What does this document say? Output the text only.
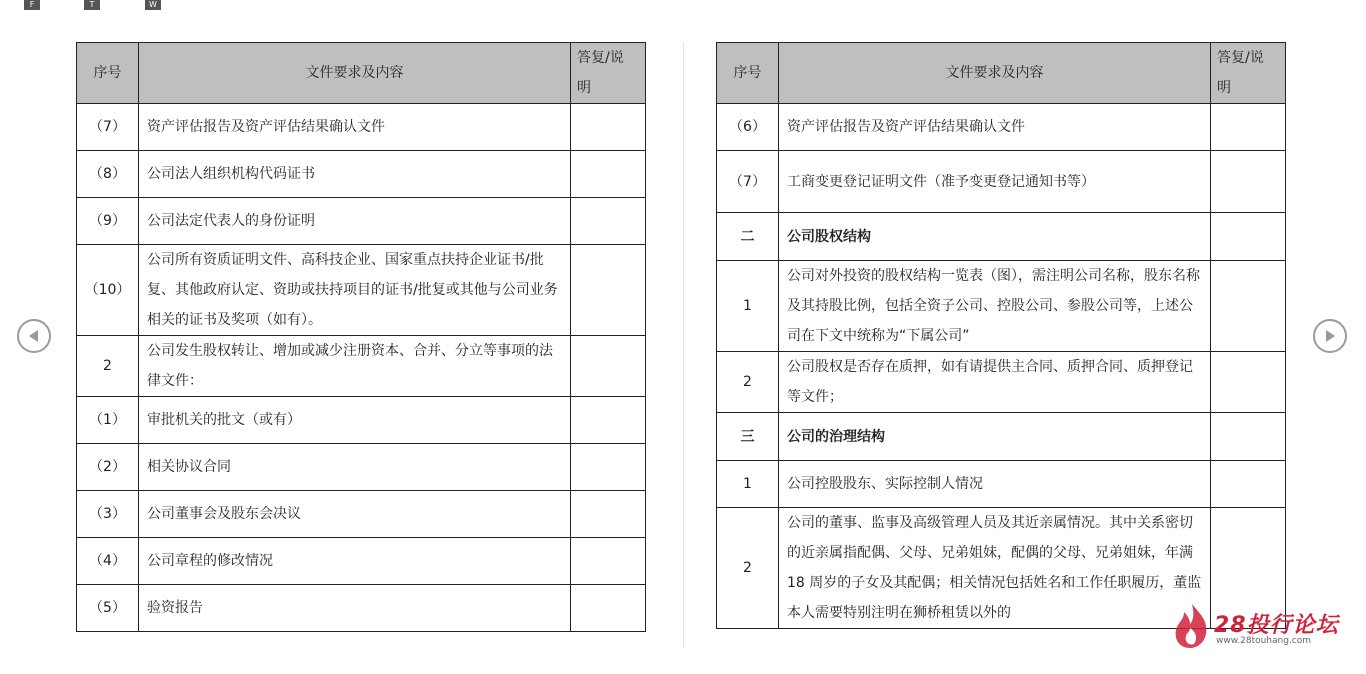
F	T	W
序号	文件要求及内容	答复/说明
（7）	资产评估报告及资产评估结果确认文件	
（8）	公司法人组织机构代码证书	
（9）	公司法定代表人的身份证明	
（10）	公司所有资质证明文件、高科技企业、国家重点扶持企业证书/批复、其他政府认定、资助或扶持项目的证书/批复或其他与公司业务相关的证书及奖项（如有）。	
2	公司发生股权转让、增加或减少注册资本、合并、分立等事项的法律文件：	
（1）	审批机关的批文（或有）	
（2）	相关协议合同	
（3）	公司董事会及股东会决议	
（4）	公司章程的修改情况	
（5）	验资报告	
序号	文件要求及内容	答复/说明
（6）	资产评估报告及资产评估结果确认文件	
（7）	工商变更登记证明文件（准予变更登记通知书等）	
二	公司股权结构	
1	公司对外投资的股权结构一览表（图），需注明公司名称，股东名称及其持股比例，包括全资子公司、控股公司、参股公司等，上述公司在下文中统称为“下属公司”	
2	公司股权是否存在质押，如有请提供主合同、质押合同、质押登记等文件；	
三	公司的治理结构	
1	公司控股股东、实际控制人情况	
2	公司的董事、监事及高级管理人员及其近亲属情况。其中关系密切的近亲属指配偶、父母、兄弟姐妹，配偶的父母、兄弟姐妹，年满 18 周岁的子女及其配偶；相关情况包括姓名和工作任职履历，董监本人需要特别注明在狮桥租赁以外的		28投行论坛
www.28touhang.com
